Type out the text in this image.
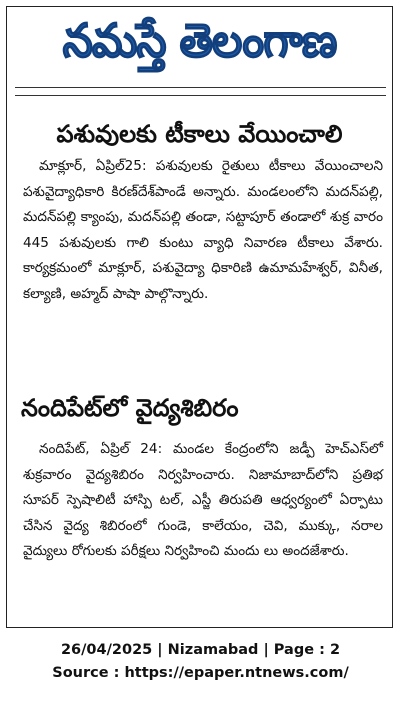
నమస్తే తెలంగాణ
పశువులకు టీకాలు వేయించాలి
మాక్లూర్, ఏప్రిల్25: పశువులకు రైతులు టీకాలు వేయించాలని పశువైద్యాధికారి కిరణ్‌దేశ్‌పాండే అన్నారు. మండలంలోని మదన్‌పల్లి, మదన్‌పల్లి క్యాంపు, మదన్‌పల్లి తండా, సట్టాపూర్ తండాలో శుక్ర వారం 445 పశువులకు గాలి కుంటు వ్యాధి నివారణ టీకాలు వేశారు. కార్యక్రమంలో మాక్లూర్, పశువైద్యా ధికారిణి ఉమామహేశ్వర్, వినీత, కల్యాణి, అహ్మద్ పాషా పాల్గొన్నారు.
నందిపేట్‌లో వైద్యశిబిరం
నందిపేట్, ఏప్రిల్ 24: మండల కేంద్రంలోని జడ్పీ హెచ్ఎస్‌లో శుక్రవారం వైద్యశిబిరం నిర్వహించారు. నిజామాబాద్‌లోని ప్రతిభ సూపర్ స్పెషాలిటీ హాస్పి టల్, ఎస్జీ తిరుపతి ఆధ్వర్యంలో ఏర్పాటు చేసిన వైద్య శిబిరంలో గుండె, కాలేయం, చెవి, ముక్కు, నరాల వైద్యులు రోగులకు పరీక్షలు నిర్వహించి మందు లు అందజేశారు.
26/04/2025 | Nizamabad | Page : 2
Source : https://epaper.ntnews.com/
